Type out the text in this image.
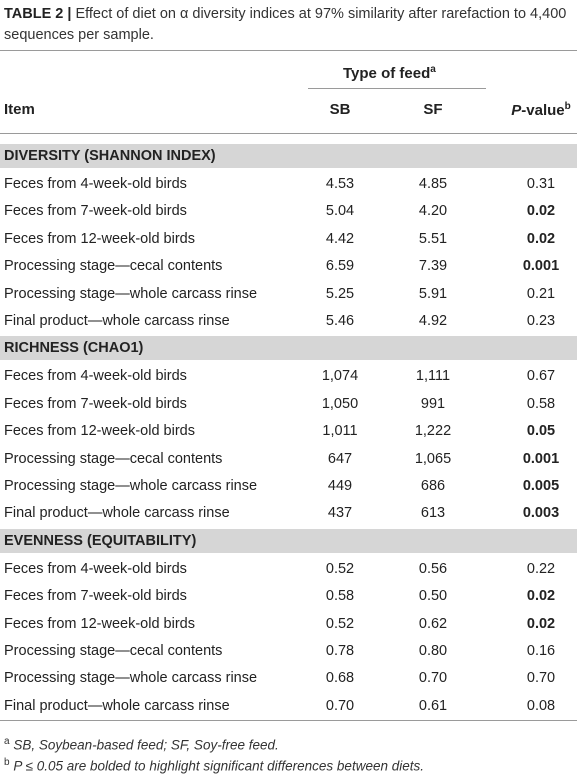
TABLE 2 | Effect of diet on α diversity indices at 97% similarity after rarefaction to 4,400 sequences per sample.
Type of feed$^a$
Item	SB	SF	P-value$^b$
DIVERSITY (SHANNON INDEX)
Feces from 4-week-old birds	4.53	4.85	0.31
Feces from 7-week-old birds	5.04	4.20	0.02
Feces from 12-week-old birds	4.42	5.51	0.02
Processing stage—cecal contents	6.59	7.39	0.001
Processing stage—whole carcass rinse	5.25	5.91	0.21
Final product—whole carcass rinse	5.46	4.92	0.23
RICHNESS (CHAO1)
Feces from 4-week-old birds	1,074	1,111	0.67
Feces from 7-week-old birds	1,050	991	0.58
Feces from 12-week-old birds	1,011	1,222	0.05
Processing stage—cecal contents	647	1,065	0.001
Processing stage—whole carcass rinse	449	686	0.005
Final product—whole carcass rinse	437	613	0.003
EVENNESS (EQUITABILITY)
Feces from 4-week-old birds	0.52	0.56	0.22
Feces from 7-week-old birds	0.58	0.50	0.02
Feces from 12-week-old birds	0.52	0.62	0.02
Processing stage—cecal contents	0.78	0.80	0.16
Processing stage—whole carcass rinse	0.68	0.70	0.70
Final product—whole carcass rinse	0.70	0.61	0.08
$^a$ SB, Soybean-based feed; SF, Soy-free feed.
$^b$ P ≤ 0.05 are bolded to highlight significant differences between diets.
